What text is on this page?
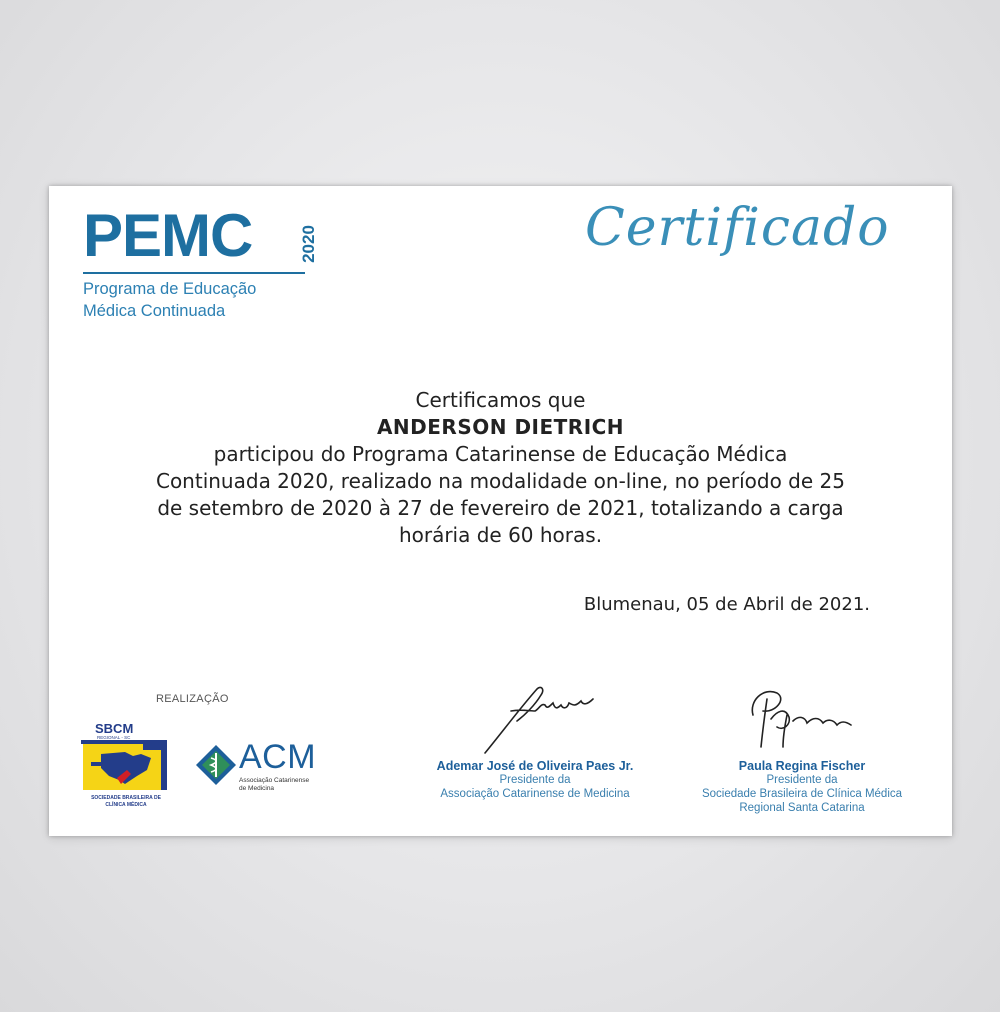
PEMC	2020
Programa de Educação
Médica Continuada
Certificado
Certificamos que
ANDERSON DIETRICH
participou do Programa Catarinense de Educação Médica
Continuada 2020, realizado na modalidade on-line, no período de 25
de setembro de 2020 à 27 de fevereiro de 2021, totalizando a carga
horária de 60 horas.
Blumenau, 05 de Abril de 2021.
REALIZAÇÃO
SBCM
REGIONAL - SC
SOCIEDADE BRASILEIRA DE
CLÍNICA MÉDICA
ACM
Associação Catarinense
de Medicina
Ademar José de Oliveira Paes Jr.
Presidente da
Associação Catarinense de Medicina
Paula Regina Fischer
Presidente da
Sociedade Brasileira de Clínica Médica
Regional Santa Catarina
